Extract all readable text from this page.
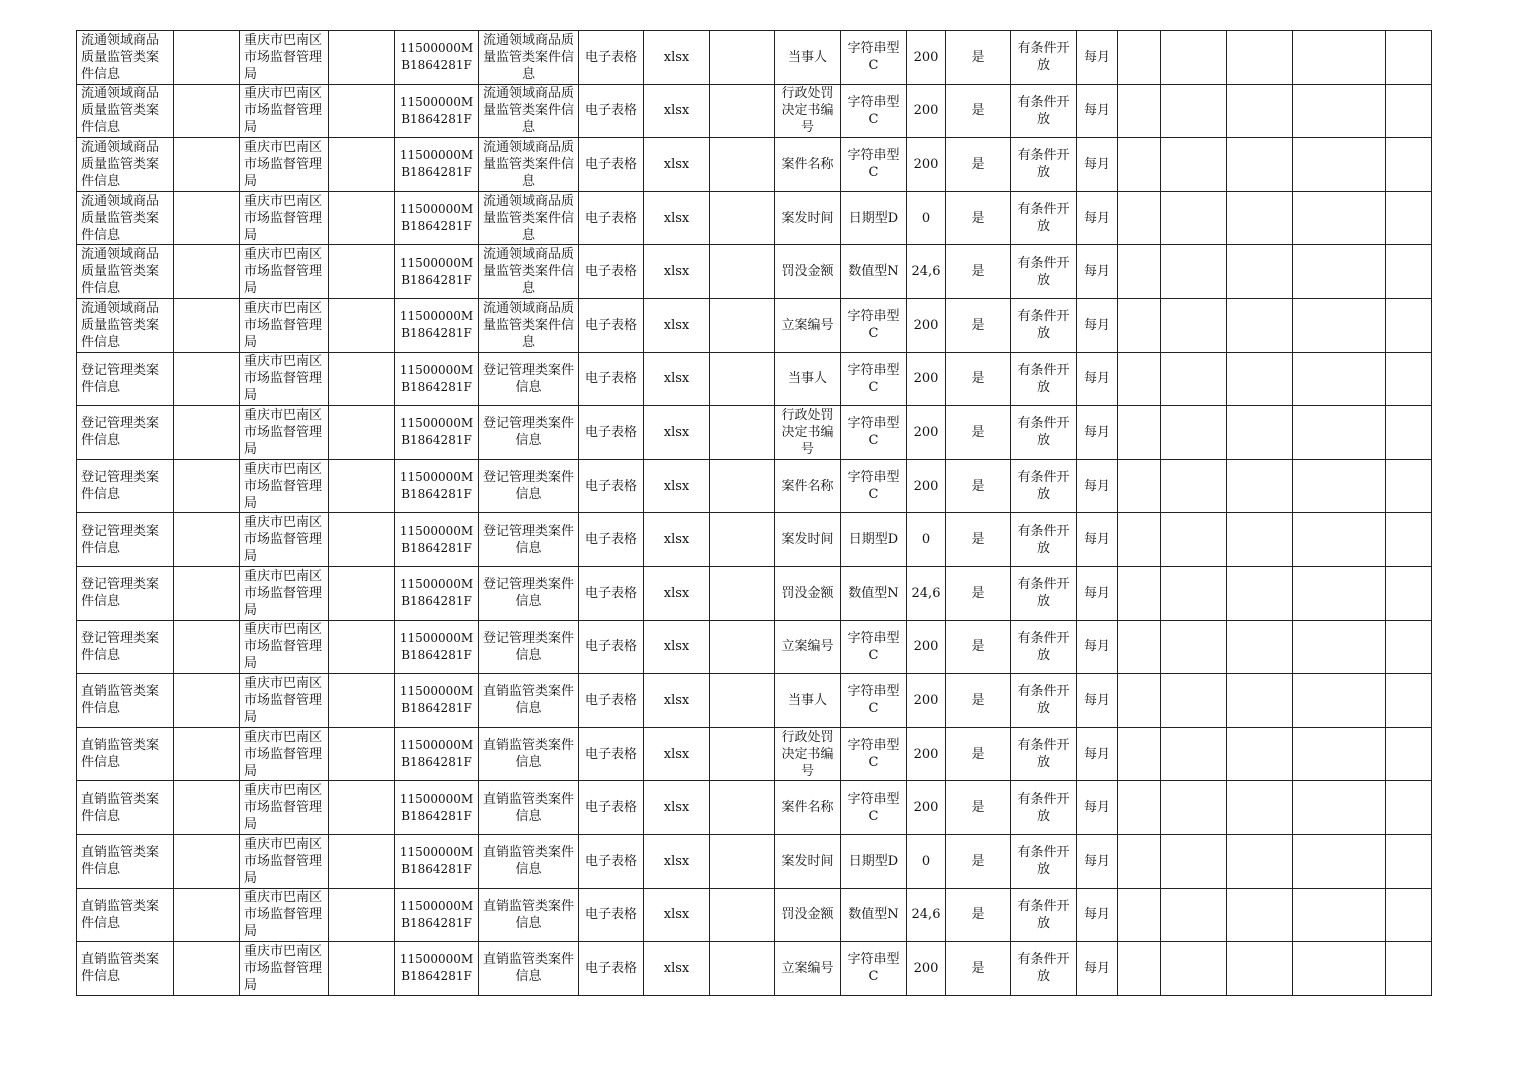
流通领域商品质量监管类案件信息		重庆市巴南区市场监督管理局		11500000MB1864281F	流通领域商品质量监管类案件信息	电子表格	xlsx		当事人	字符串型C	200	是	有条件开放	每月					
流通领域商品质量监管类案件信息		重庆市巴南区市场监督管理局		11500000MB1864281F	流通领域商品质量监管类案件信息	电子表格	xlsx		行政处罚决定书编号	字符串型C	200	是	有条件开放	每月					
流通领域商品质量监管类案件信息		重庆市巴南区市场监督管理局		11500000MB1864281F	流通领域商品质量监管类案件信息	电子表格	xlsx		案件名称	字符串型C	200	是	有条件开放	每月					
流通领域商品质量监管类案件信息		重庆市巴南区市场监督管理局		11500000MB1864281F	流通领域商品质量监管类案件信息	电子表格	xlsx		案发时间	日期型D	0	是	有条件开放	每月					
流通领域商品质量监管类案件信息		重庆市巴南区市场监督管理局		11500000MB1864281F	流通领域商品质量监管类案件信息	电子表格	xlsx		罚没金额	数值型N	24,6	是	有条件开放	每月					
流通领域商品质量监管类案件信息		重庆市巴南区市场监督管理局		11500000MB1864281F	流通领域商品质量监管类案件信息	电子表格	xlsx		立案编号	字符串型C	200	是	有条件开放	每月					
登记管理类案件信息		重庆市巴南区市场监督管理局		11500000MB1864281F	登记管理类案件信息	电子表格	xlsx		当事人	字符串型C	200	是	有条件开放	每月					
登记管理类案件信息		重庆市巴南区市场监督管理局		11500000MB1864281F	登记管理类案件信息	电子表格	xlsx		行政处罚决定书编号	字符串型C	200	是	有条件开放	每月					
登记管理类案件信息		重庆市巴南区市场监督管理局		11500000MB1864281F	登记管理类案件信息	电子表格	xlsx		案件名称	字符串型C	200	是	有条件开放	每月					
登记管理类案件信息		重庆市巴南区市场监督管理局		11500000MB1864281F	登记管理类案件信息	电子表格	xlsx		案发时间	日期型D	0	是	有条件开放	每月					
登记管理类案件信息		重庆市巴南区市场监督管理局		11500000MB1864281F	登记管理类案件信息	电子表格	xlsx		罚没金额	数值型N	24,6	是	有条件开放	每月					
登记管理类案件信息		重庆市巴南区市场监督管理局		11500000MB1864281F	登记管理类案件信息	电子表格	xlsx		立案编号	字符串型C	200	是	有条件开放	每月					
直销监管类案件信息		重庆市巴南区市场监督管理局		11500000MB1864281F	直销监管类案件信息	电子表格	xlsx		当事人	字符串型C	200	是	有条件开放	每月					
直销监管类案件信息		重庆市巴南区市场监督管理局		11500000MB1864281F	直销监管类案件信息	电子表格	xlsx		行政处罚决定书编号	字符串型C	200	是	有条件开放	每月					
直销监管类案件信息		重庆市巴南区市场监督管理局		11500000MB1864281F	直销监管类案件信息	电子表格	xlsx		案件名称	字符串型C	200	是	有条件开放	每月					
直销监管类案件信息		重庆市巴南区市场监督管理局		11500000MB1864281F	直销监管类案件信息	电子表格	xlsx		案发时间	日期型D	0	是	有条件开放	每月					
直销监管类案件信息		重庆市巴南区市场监督管理局		11500000MB1864281F	直销监管类案件信息	电子表格	xlsx		罚没金额	数值型N	24,6	是	有条件开放	每月					
直销监管类案件信息		重庆市巴南区市场监督管理局		11500000MB1864281F	直销监管类案件信息	电子表格	xlsx		立案编号	字符串型C	200	是	有条件开放	每月					
